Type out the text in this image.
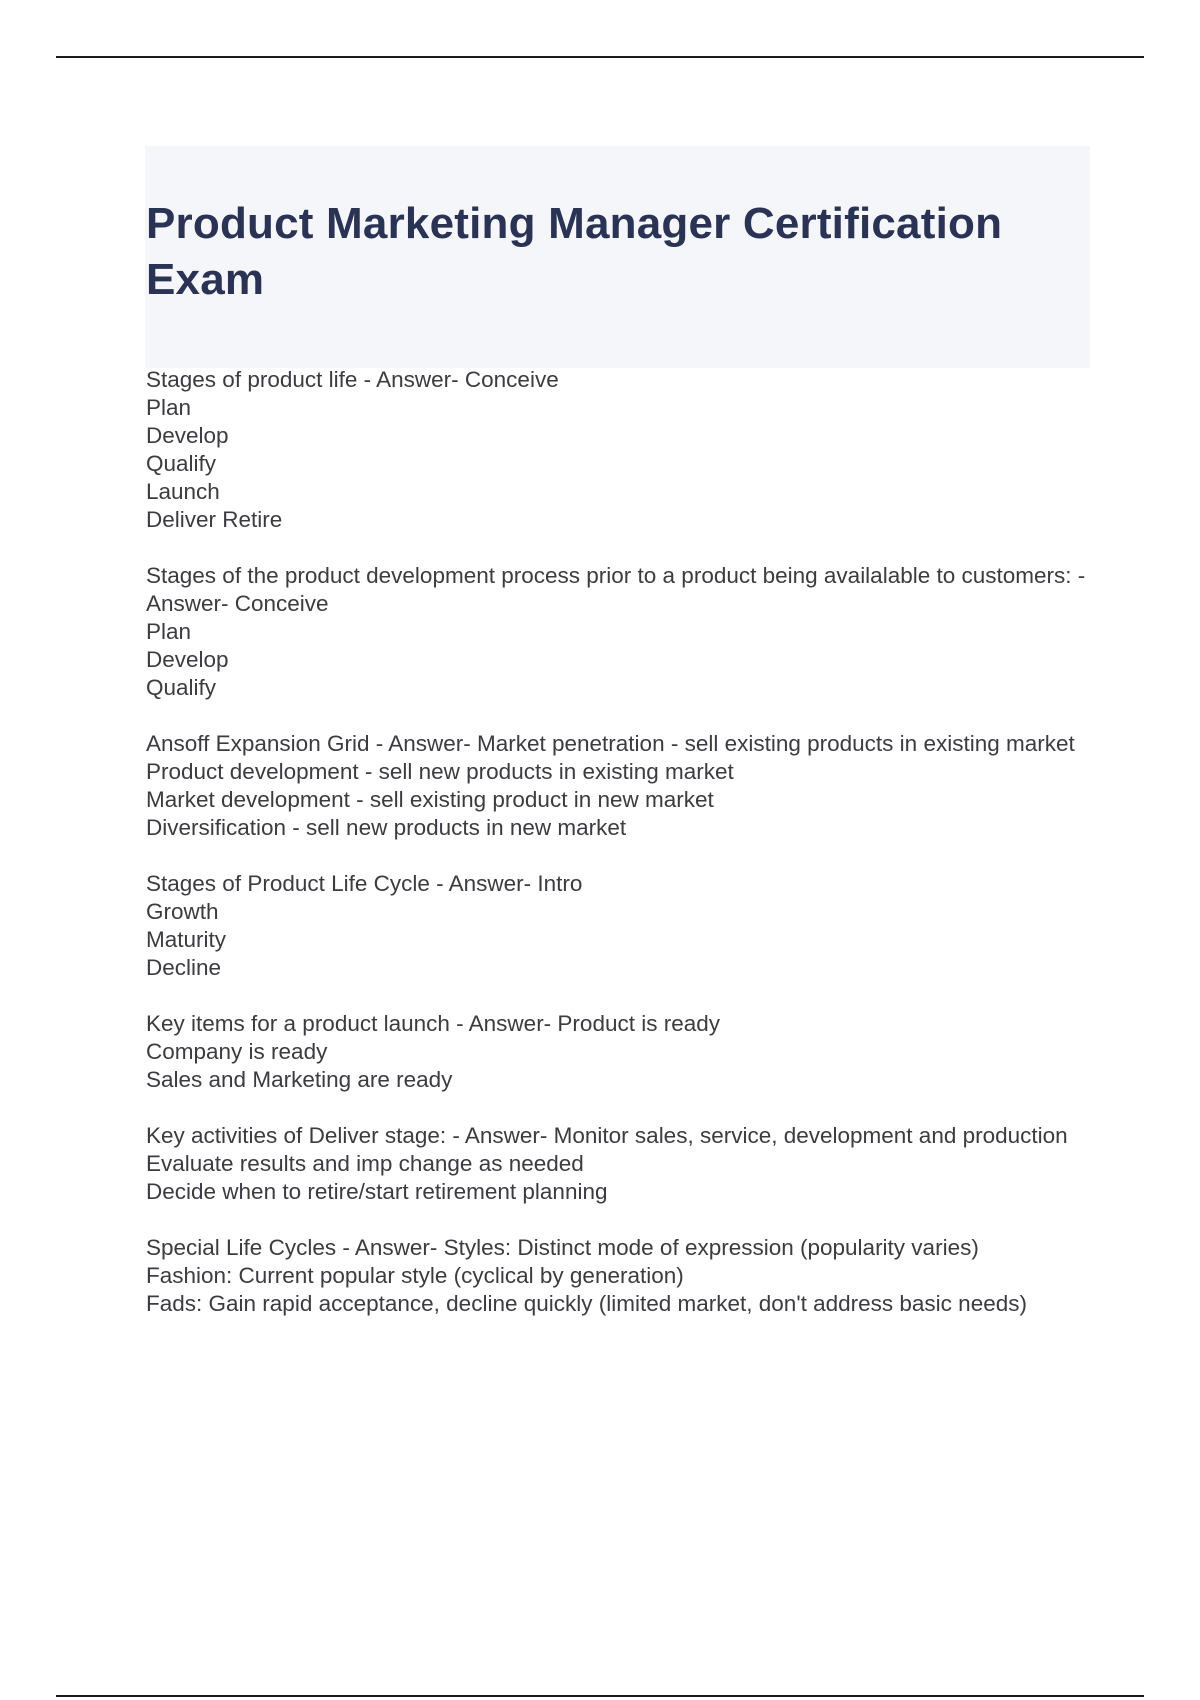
Product Marketing Manager Certification Exam
Stages of product life - Answer- Conceive
Plan
Develop
Qualify
Launch
Deliver Retire
Stages of the product development process prior to a product being availalable to customers: - Answer- Conceive
Plan
Develop
Qualify
Ansoff Expansion Grid - Answer- Market penetration - sell existing products in existing market
Product development - sell new products in existing market
Market development - sell existing product in new market
Diversification - sell new products in new market
Stages of Product Life Cycle - Answer- Intro
Growth
Maturity
Decline
Key items for a product launch - Answer- Product is ready
Company is ready
Sales and Marketing are ready
Key activities of Deliver stage: - Answer- Monitor sales, service, development and production
Evaluate results and imp change as needed
Decide when to retire/start retirement planning
Special Life Cycles - Answer- Styles: Distinct mode of expression (popularity varies)
Fashion: Current popular style (cyclical by generation)
Fads: Gain rapid acceptance, decline quickly (limited market, don't address basic needs)
